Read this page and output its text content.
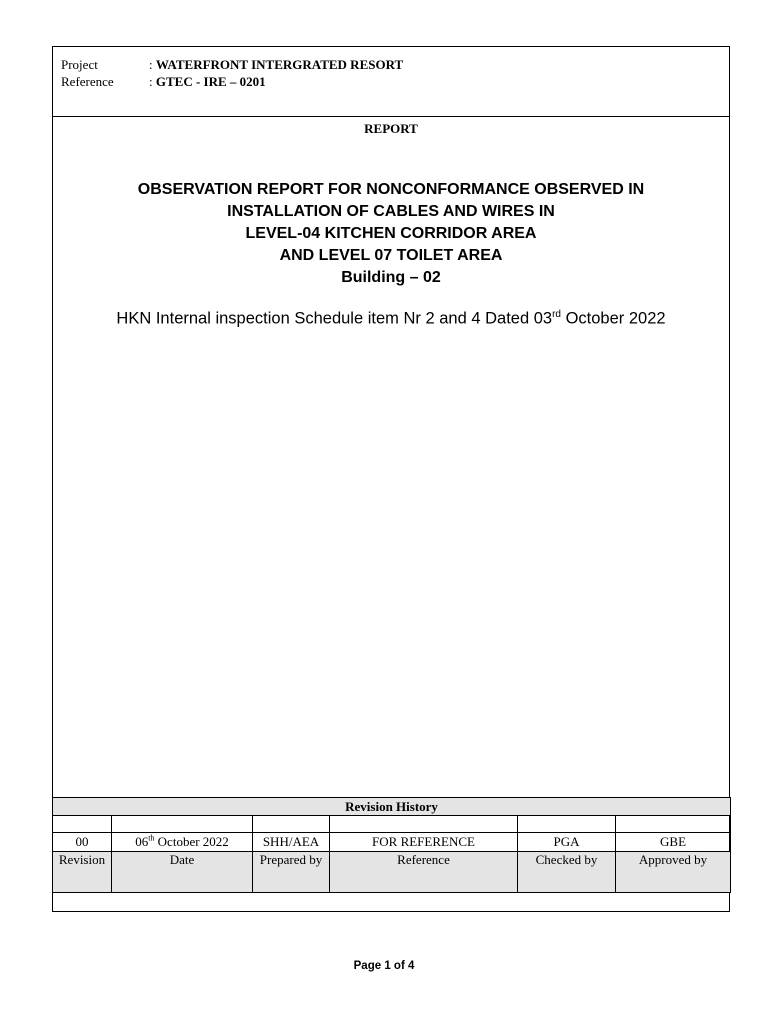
Project	: WATERFRONT INTERGRATED RESORT
Reference	: GTEC - IRE – 0201
REPORT
OBSERVATION REPORT FOR NONCONFORMANCE OBSERVED IN
INSTALLATION OF CABLES AND WIRES IN
LEVEL-04 KITCHEN CORRIDOR AREA
AND LEVEL 07 TOILET AREA
Building – 02
HKN Internal inspection Schedule item Nr 2 and 4 Dated 03rd October 2022
Revision History					

00	06th October 2022	SHH/AEA	FOR REFERENCE	PGA	GBE
Revision	Date	Prepared by	Reference	Checked by	Approved by
Page 1 of 4
